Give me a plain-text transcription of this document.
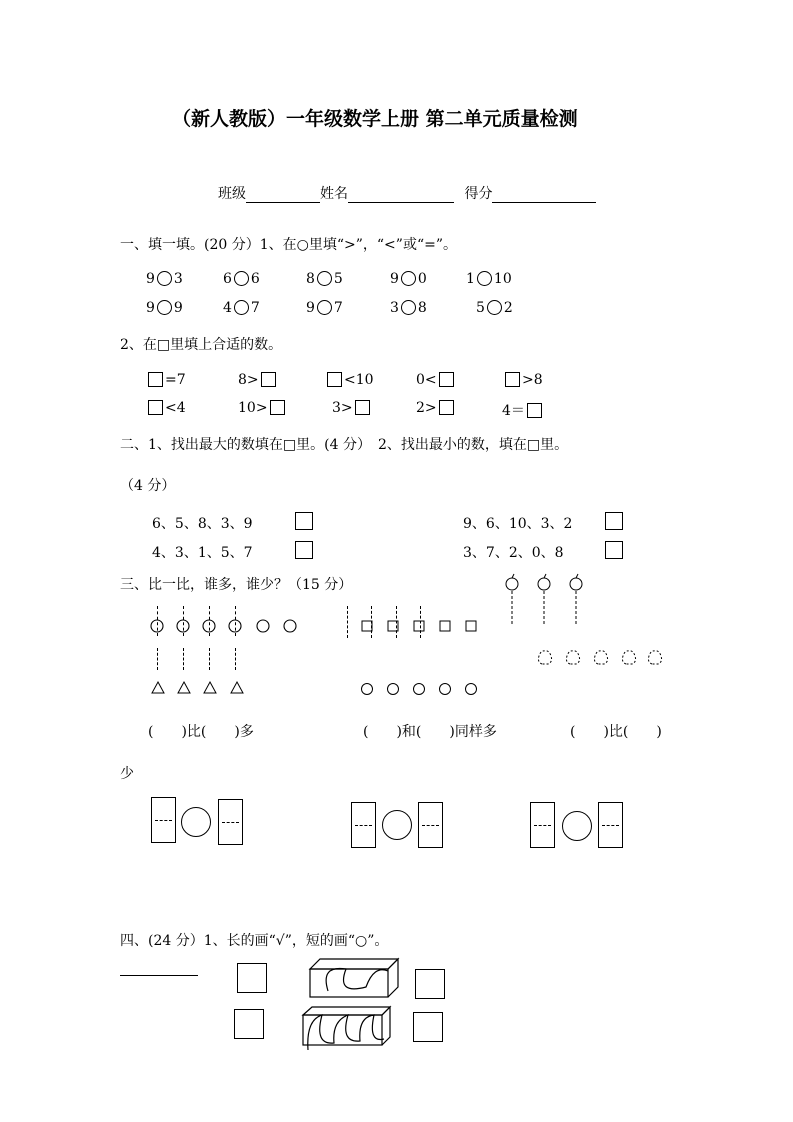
（新人教版）一年级数学上册 第二单元质量检测
班级	姓名	得分
一、填一填。(20 分）1、在○里填“>”，“<”或“=”。
9 3	6 6	8 5	9 0	1 10
9 9	4 7	9 7	3 8	5 2
2、在□里填上合适的数。
=7	8>	<10	0<	>8
<4	10>	3>	2>	4＝
二、1、找出最大的数填在□里。(4 分）　2、找出最小的数，填在□里。
（4 分）
6、5、8、3、9	9、6、10、3、2
4、3、1、5、7	3、7、2、0、8
三、比一比，谁多，谁少？（15 分）
(　　)比(　　)多	(　　)和(　　)同样多	(　　)比(　　)
少
四、(24 分）1、长的画“√”，短的画“○”。
